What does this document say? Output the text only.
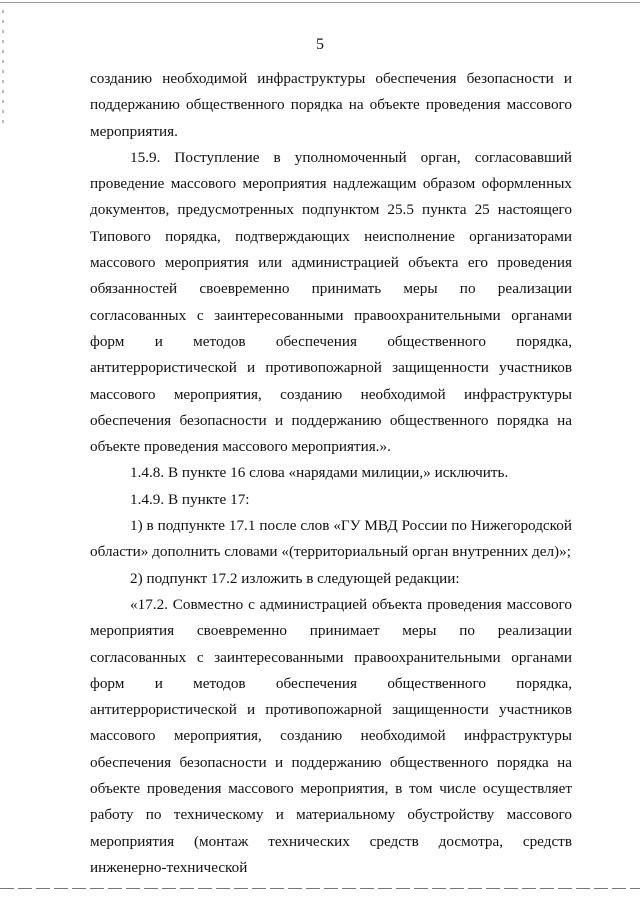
5

созданию необходимой инфраструктуры обеспечения безопасности и поддержанию общественного порядка на объекте проведения массового мероприятия.

15.9. Поступление в уполномоченный орган, согласовавший проведение массового мероприятия надлежащим образом оформленных документов, предусмотренных подпунктом 25.5 пункта 25 настоящего Типового порядка, подтверждающих неисполнение организаторами массового мероприятия или администрацией объекта его проведения обязанностей своевременно принимать меры по реализации согласованных с заинтересованными правоохранительными органами форм и методов обеспечения общественного порядка, антитеррористической и противопожарной защищенности участников массового мероприятия, созданию необходимой инфраструктуры обеспечения безопасности и поддержанию общественного порядка на объекте проведения массового мероприятия.».

1.4.8. В пункте 16 слова «нарядами милиции,» исключить.

1.4.9. В пункте 17:

1) в подпункте 17.1 после слов «ГУ МВД России по Нижегородской области» дополнить словами «(территориальный орган внутренних дел)»;

2) подпункт 17.2 изложить в следующей редакции:

«17.2. Совместно с администрацией объекта проведения массового мероприятия своевременно принимает меры по реализации согласованных с заинтересованными правоохранительными органами форм и методов обеспечения общественного порядка, антитеррористической и противопожарной защищенности участников массового мероприятия, созданию необходимой инфраструктуры обеспечения безопасности и поддержанию общественного порядка на объекте проведения массового мероприятия, в том числе осуществляет работу по техническому и материальному обустройству массового мероприятия (монтаж технических средств досмотра, средств инженерно-технической
